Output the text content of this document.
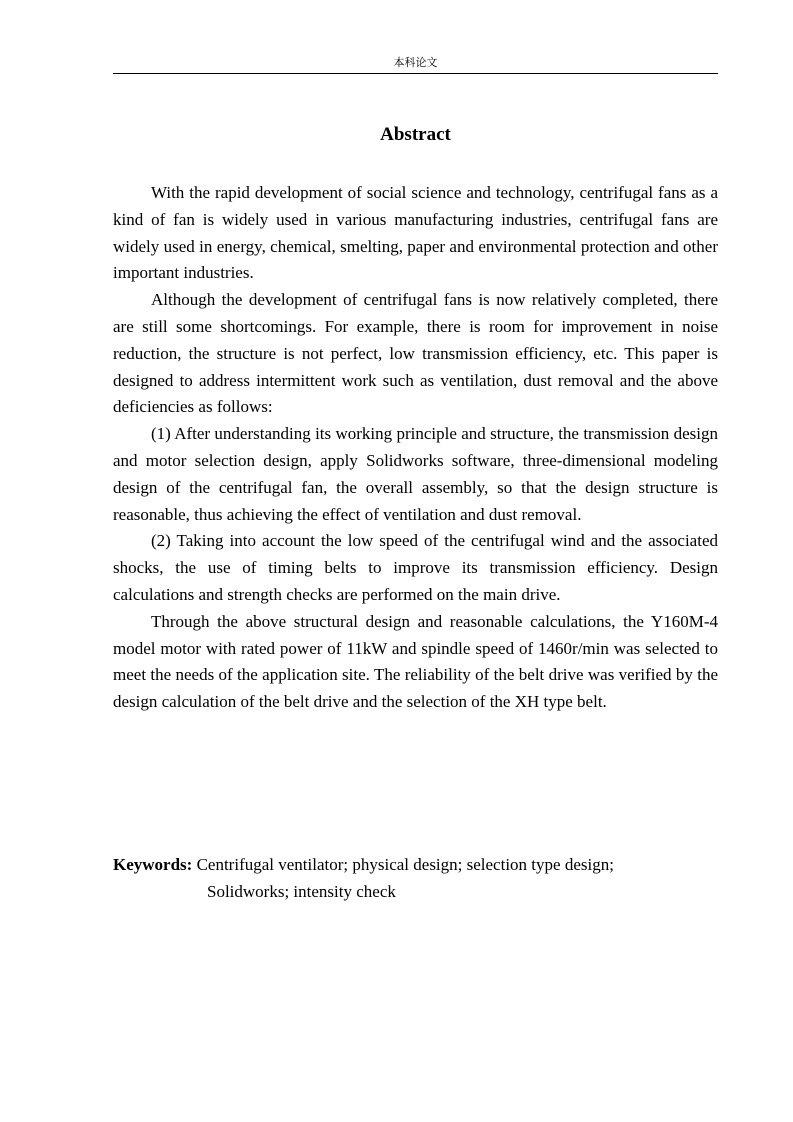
本科论文
Abstract

With the rapid development of social science and technology, centrifugal fans as a kind of fan is widely used in various manufacturing industries, centrifugal fans are widely used in energy, chemical, smelting, paper and environmental protection and other important industries.

Although the development of centrifugal fans is now relatively completed, there are still some shortcomings. For example, there is room for improvement in noise reduction, the structure is not perfect, low transmission efficiency, etc. This paper is designed to address intermittent work such as ventilation, dust removal and the above deficiencies as follows:

(1) After understanding its working principle and structure, the transmission design and motor selection design, apply Solidworks software, three-dimensional modeling design of the centrifugal fan, the overall assembly, so that the design structure is reasonable, thus achieving the effect of ventilation and dust removal.

(2) Taking into account the low speed of the centrifugal wind and the associated shocks, the use of timing belts to improve its transmission efficiency. Design calculations and strength checks are performed on the main drive.

Through the above structural design and reasonable calculations, the Y160M-4 model motor with rated power of 11kW and spindle speed of 1460r/min was selected to meet the needs of the application site. The reliability of the belt drive was verified by the design calculation of the belt drive and the selection of the XH type belt.

Keywords: Centrifugal ventilator; physical design; selection type design;
Solidworks; intensity check
